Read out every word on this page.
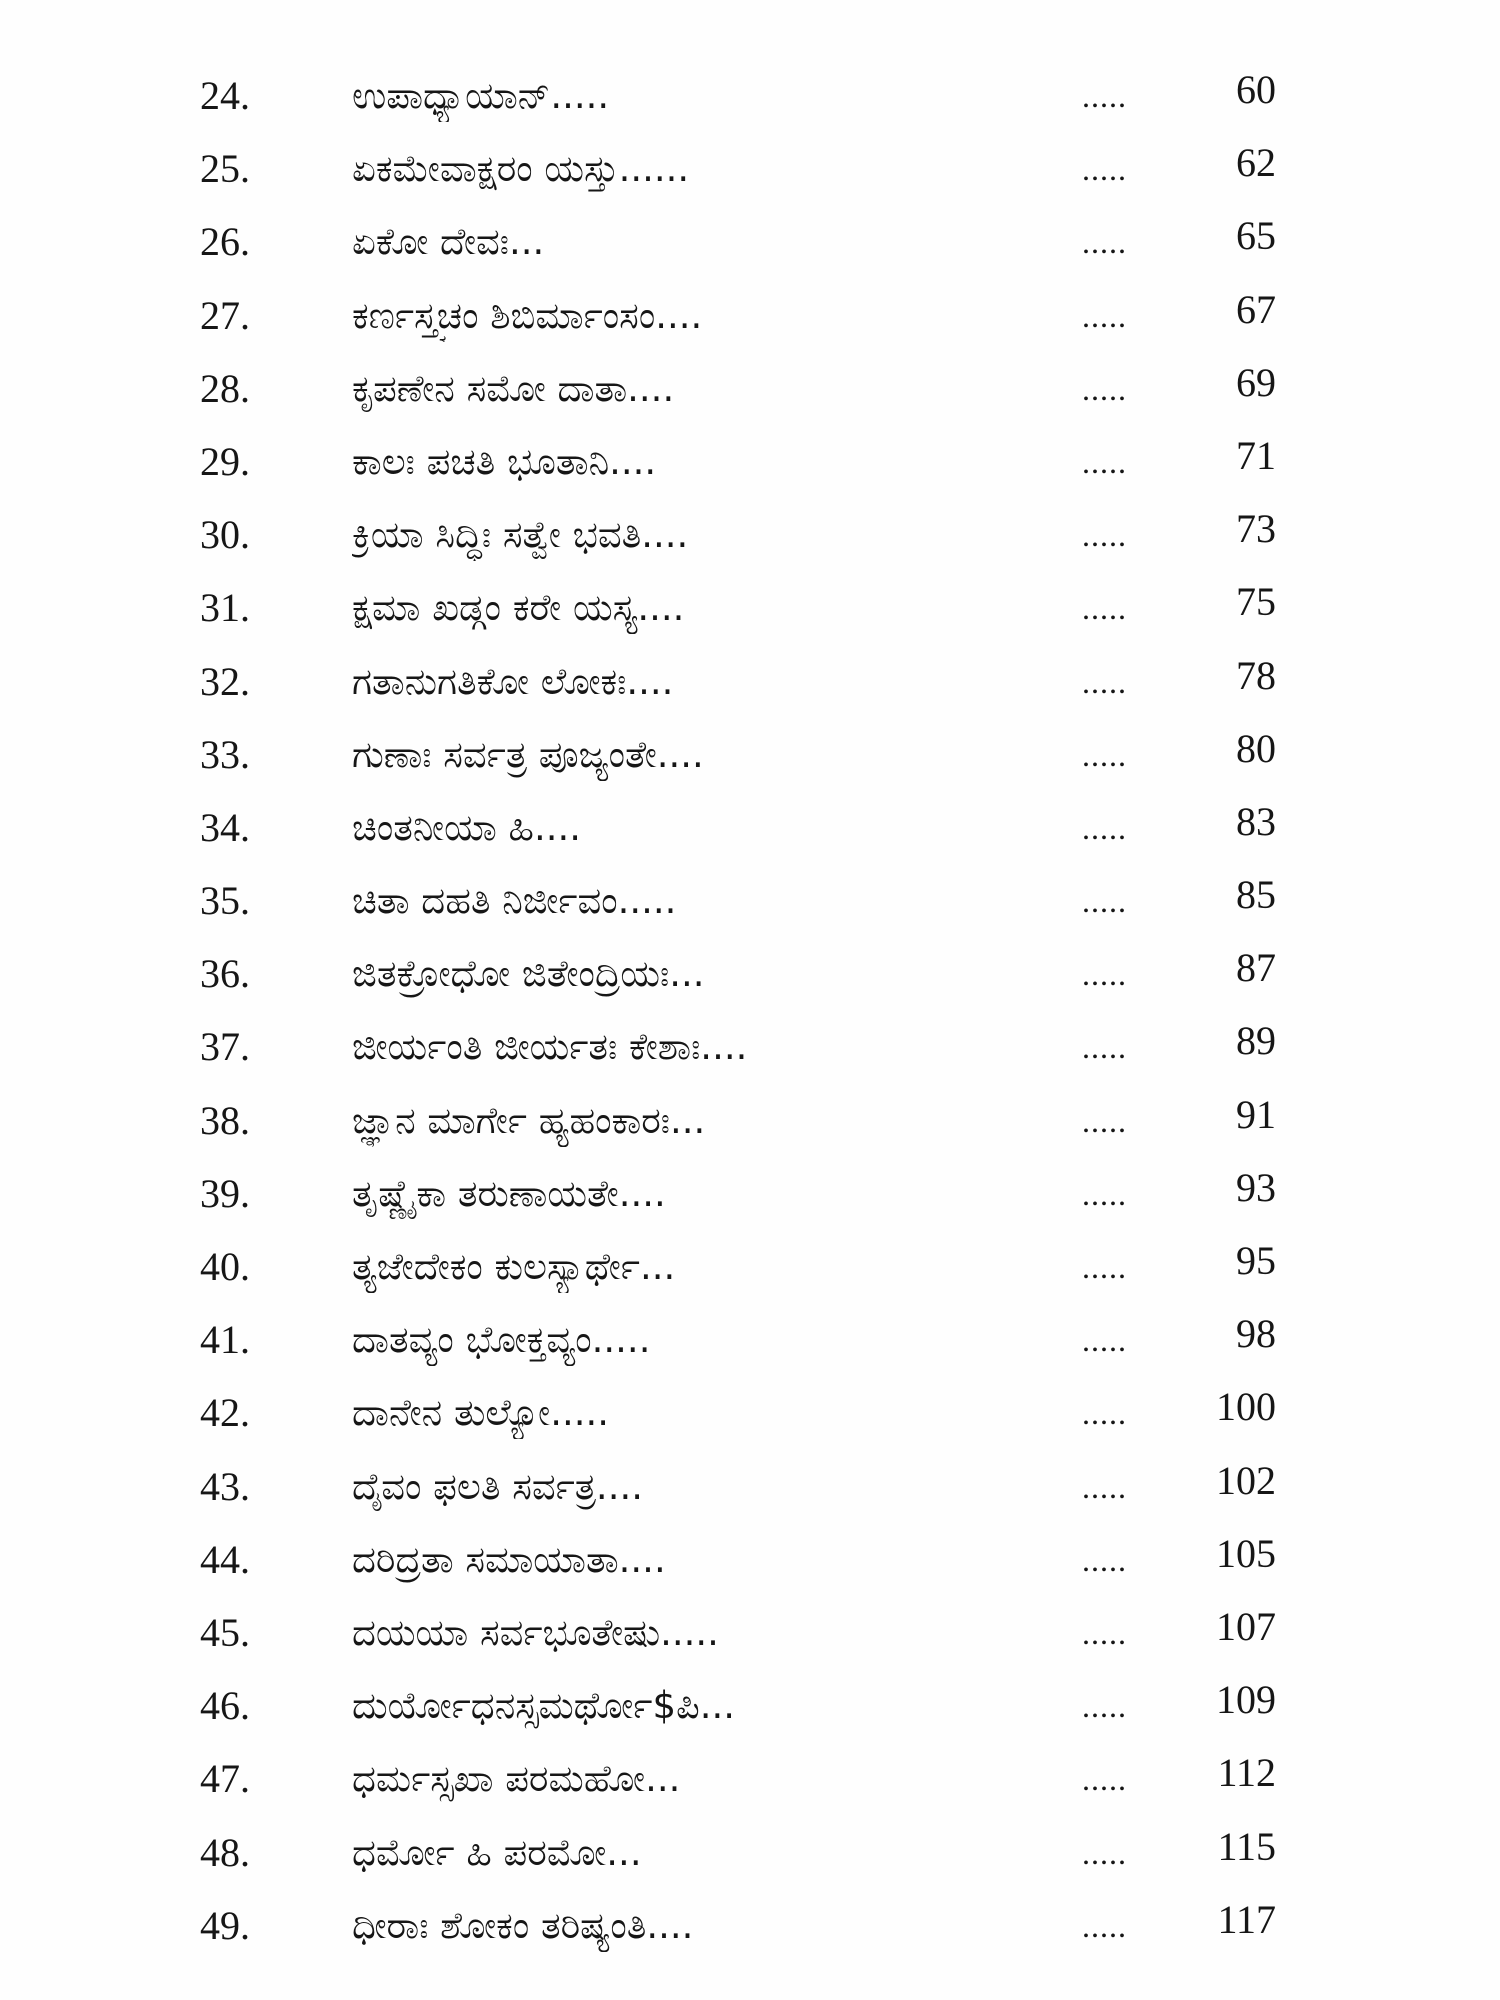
24.	ಉಪಾಧ್ಯಾಯಾನ್.....	.....	60
25.	ಏಕಮೇವಾಕ್ಷರಂ ಯಸ್ತು......	.....	62
26.	ಏಕೋ ದೇವಃ...	.....	65
27.	ಕರ್ಣಸ್ತ್ವಚಂ ಶಿಬಿರ್ಮಾಂಸಂ....	.....	67
28.	ಕೃಪಣೇನ ಸಮೋ ದಾತಾ....	.....	69
29.	ಕಾಲಃ ಪಚತಿ ಭೂತಾನಿ....	.....	71
30.	ಕ್ರಿಯಾ ಸಿದ್ಧಿಃ ಸತ್ವೇ ಭವತಿ....	.....	73
31.	ಕ್ಷಮಾ ಖಡ್ಗಂ ಕರೇ ಯಸ್ಯ....	.....	75
32.	ಗತಾನುಗತಿಕೋ ಲೋಕಃ....	.....	78
33.	ಗುಣಾಃ ಸರ್ವತ್ರ ಪೂಜ್ಯಂತೇ....	.....	80
34.	ಚಿಂತನೀಯಾ ಹಿ....	.....	83
35.	ಚಿತಾ ದಹತಿ ನಿರ್ಜೀವಂ.....	.....	85
36.	ಜಿತಕ್ರೋಧೋ ಜಿತೇಂದ್ರಿಯಃ...	.....	87
37.	ಜೀರ್ಯಂತಿ ಜೀರ್ಯತಃ ಕೇಶಾಃ....	.....	89
38.	ಜ್ಞಾನ ಮಾರ್ಗೇ ಹ್ಯಹಂಕಾರಃ...	.....	91
39.	ತೃಷ್ಣೈಕಾ ತರುಣಾಯತೇ....	.....	93
40.	ತ್ಯಜೇದೇಕಂ ಕುಲಸ್ಯಾರ್ಥೇ...	.....	95
41.	ದಾತವ್ಯಂ ಭೋಕ್ತವ್ಯಂ.....	.....	98
42.	ದಾನೇನ ತುಲ್ಯೋ.....	.....	100
43.	ದೈವಂ ಫಲತಿ ಸರ್ವತ್ರ....	.....	102
44.	ದರಿದ್ರತಾ ಸಮಾಯಾತಾ....	.....	105
45.	ದಯಯಾ ಸರ್ವಭೂತೇಷು.....	.....	107
46.	ದುರ್ಯೋಧನಸ್ಸಮರ್ಥೋ$ಪಿ...	.....	109
47.	ಧರ್ಮಸ್ಸಖಾ ಪರಮಹೋ...	.....	112
48.	ಧರ್ಮೋ ಹಿ ಪರಮೋ...	.....	115
49.	ಧೀರಾಃ ಶೋಕಂ ತರಿಷ್ಯಂತಿ....	.....	117
